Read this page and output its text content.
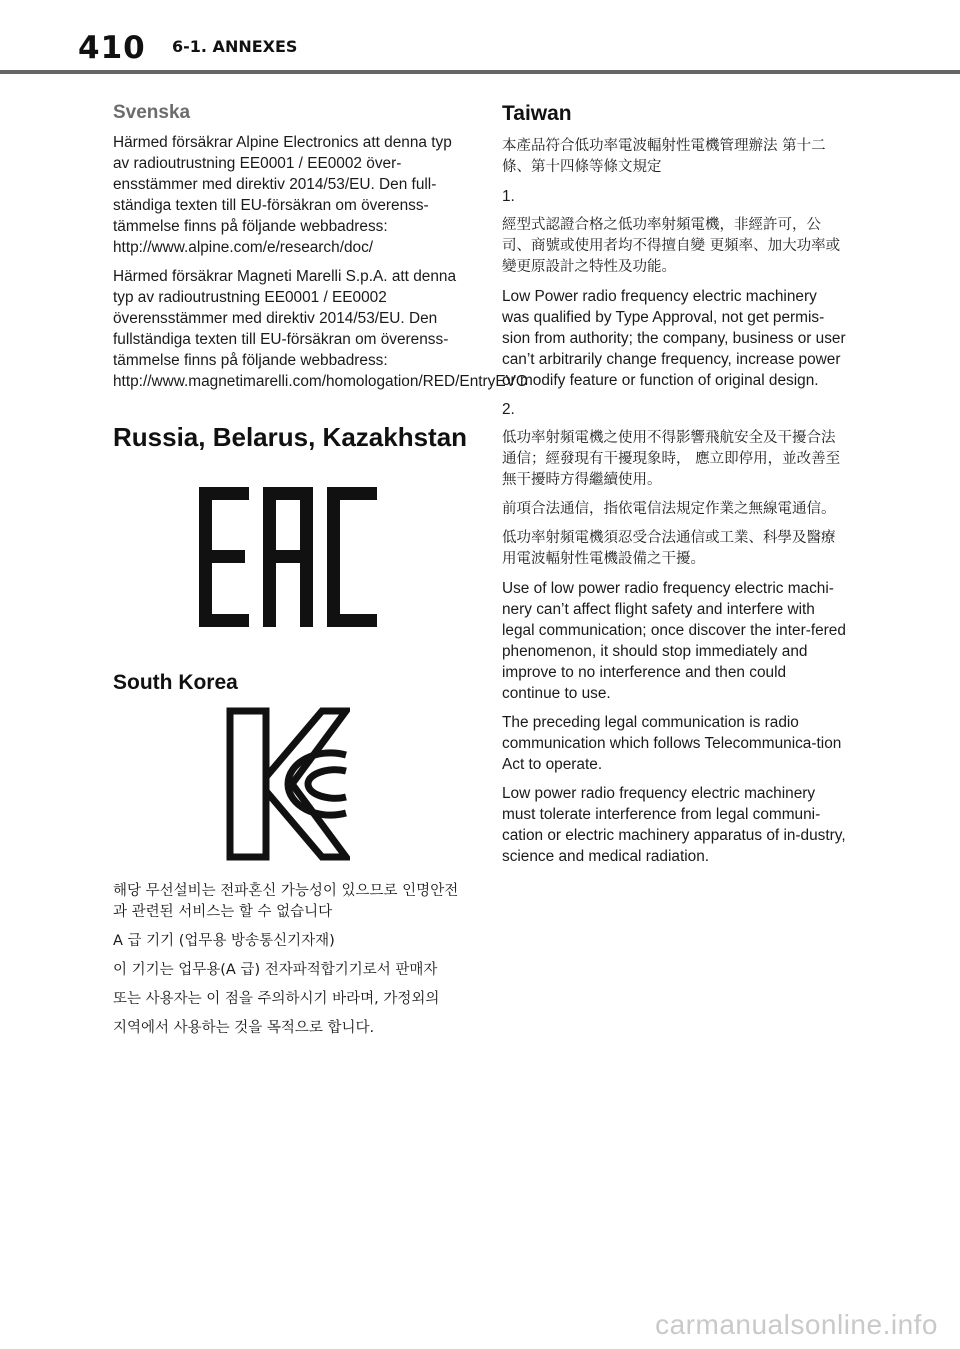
410 6-1. ANNEXES
Svenska

Härmed försäkrar Alpine Electronics att denna typ av radioutrustning EE0001 / EE0002 över-ensstämmer med direktiv 2014/53/EU. Den full-ständiga texten till EU-försäkran om överenss-tämmelse finns på följande webbadress: http://www.alpine.com/e/research/doc/

Härmed försäkrar Magneti Marelli S.p.A. att denna typ av radioutrustning EE0001 / EE0002 överensstämmer med direktiv 2014/53/EU. Den fullständiga texten till EU-försäkran om överenss-tämmelse finns på följande webbadress: http://www.magnetimarelli.com/homologation/RED/EntryEVO

Russia, Belarus, Kazakhstan
South Korea

해당 무선설비는 전파혼신 가능성이 있으므로 인명안전과 관련된 서비스는 할 수 없습니다

A 급 기기 (업무용 방송통신기자재)

이 기기는 업무용(A 급) 전자파적합기기로서 판매자

또는 사용자는 이 점을 주의하시기 바라며, 가정외의

지역에서 사용하는 것을 목적으로 합니다.

Taiwan

本產品符合低功率電波輻射性電機管理辦法 第十二條、第十四條等條文規定

1.

經型式認證合格之低功率射頻電機，非經許可，公司、商號或使用者均不得擅自變 更頻率、加大功率或變更原設計之特性及功能。

Low Power radio frequency electric machinery was qualified by Type Approval, not get permis-sion from authority; the company, business or user can’t arbitrarily change frequency, increase power or modify feature or function of original design.

2.

低功率射頻電機之使用不得影響飛航安全及干擾合法通信；經發現有干擾現象時， 應立即停用，並改善至無干擾時方得繼續使用。

前項合法通信，指依電信法規定作業之無線電通信。

低功率射頻電機須忍受合法通信或工業、科學及醫療用電波輻射性電機設備之干擾。

Use of low power radio frequency electric machi-nery can’t affect flight safety and interfere with legal communication; once discover the inter-fered phenomenon, it should stop immediately and improve to no interference and then could continue to use.

The preceding legal communication is radio communication which follows Telecommunica-tion Act to operate.

Low power radio frequency electric machinery must tolerate interference from legal communi-cation or electric machinery apparatus of in-dustry, science and medical radiation.

carmanualsonline.info
